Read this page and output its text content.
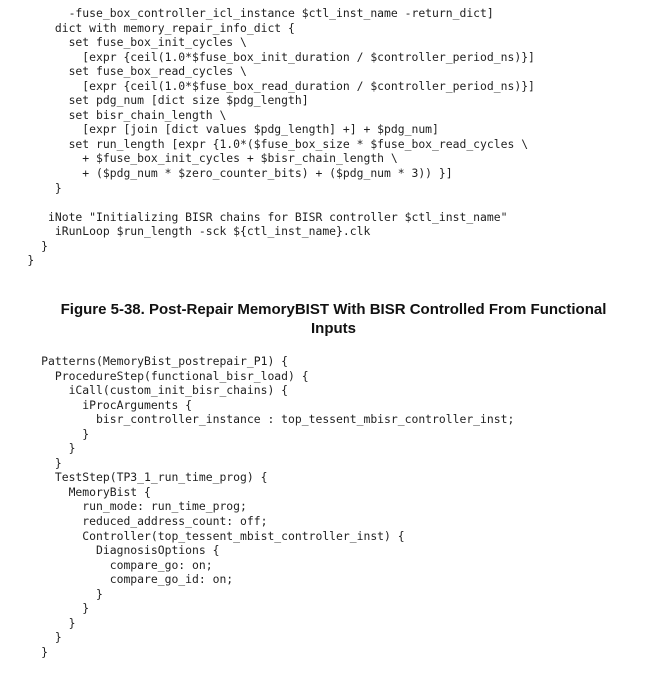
-fuse_box_controller_icl_instance $ctl_inst_name -return_dict]
dict with memory_repair_info_dict {
set fuse_box_init_cycles \
[expr {ceil(1.0*$fuse_box_init_duration / $controller_period_ns)}]
set fuse_box_read_cycles \
[expr {ceil(1.0*$fuse_box_read_duration / $controller_period_ns)}]
set pdg_num [dict size $pdg_length]
set bisr_chain_length \
[expr [join [dict values $pdg_length] +] + $pdg_num]
set run_length [expr {1.0*($fuse_box_size * $fuse_box_read_cycles \
+ $fuse_box_init_cycles + $bisr_chain_length \
+ ($pdg_num * $zero_counter_bits) + ($pdg_num * 3)) }]
}
iNote "Initializing BISR chains for BISR controller $ctl_inst_name"
iRunLoop $run_length -sck ${ctl_inst_name}.clk
}
}
Figure 5-38. Post-Repair MemoryBIST With BISR Controlled From Functional
Inputs
Patterns(MemoryBist_postrepair_P1) {
ProcedureStep(functional_bisr_load) {
iCall(custom_init_bisr_chains) {
iProcArguments {
bisr_controller_instance : top_tessent_mbisr_controller_inst;
}
}
}
TestStep(TP3_1_run_time_prog) {
MemoryBist {
run_mode: run_time_prog;
reduced_address_count: off;
Controller(top_tessent_mbist_controller_inst) {
DiagnosisOptions {
compare_go: on;
compare_go_id: on;
}
}
}
}
}
